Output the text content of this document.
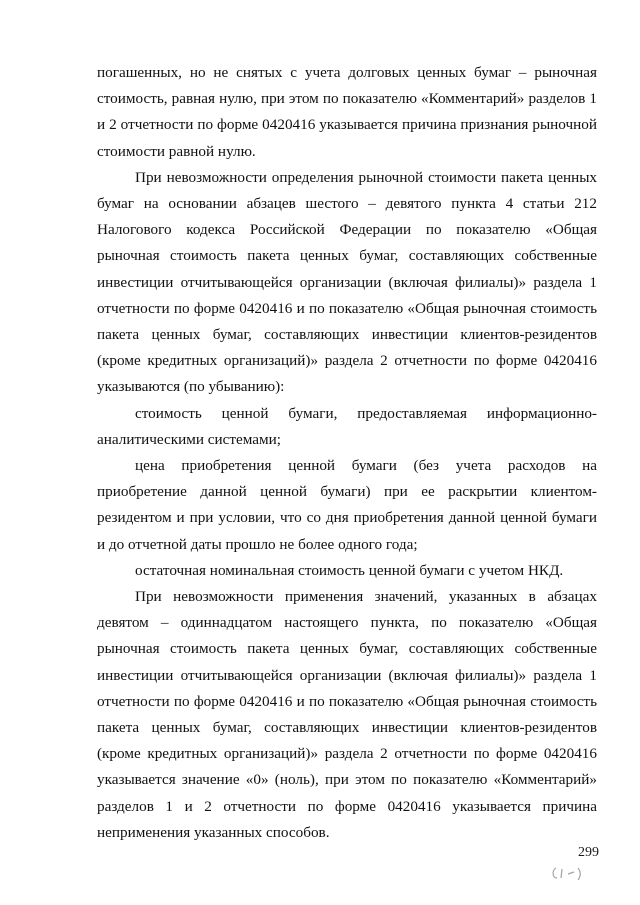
погашенных, но не снятых с учета долговых ценных бумаг – рыночная стоимость, равная нулю, при этом по показателю «Комментарий» разделов 1 и 2 отчетности по форме 0420416 указывается причина признания рыночной стоимости равной нулю.

При невозможности определения рыночной стоимости пакета ценных бумаг на основании абзацев шестого – девятого пункта 4 статьи 212 Налогового кодекса Российской Федерации по показателю «Общая рыночная стоимость пакета ценных бумаг, составляющих собственные инвестиции отчитывающейся организации (включая филиалы)» раздела 1 отчетности по форме 0420416 и по показателю «Общая рыночная стоимость пакета ценных бумаг, составляющих инвестиции клиентов-резидентов (кроме кредитных организаций)» раздела 2 отчетности по форме 0420416 указываются (по убыванию):

стоимость ценной бумаги, предоставляемая информационно-аналитическими системами;

цена приобретения ценной бумаги (без учета расходов на приобретение данной ценной бумаги) при ее раскрытии клиентом-резидентом и при условии, что со дня приобретения данной ценной бумаги и до отчетной даты прошло не более одного года;

остаточная номинальная стоимость ценной бумаги с учетом НКД.

При невозможности применения значений, указанных в абзацах девятом – одиннадцатом настоящего пункта, по показателю «Общая рыночная стоимость пакета ценных бумаг, составляющих собственные инвестиции отчитывающейся организации (включая филиалы)» раздела 1 отчетности по форме 0420416 и по показателю «Общая рыночная стоимость пакета ценных бумаг, составляющих инвестиции клиентов-резидентов (кроме кредитных организаций)» раздела 2 отчетности по форме 0420416 указывается значение «0» (ноль), при этом по показателю «Комментарий» разделов 1 и 2 отчетности по форме 0420416 указывается причина неприменения указанных способов.

299
